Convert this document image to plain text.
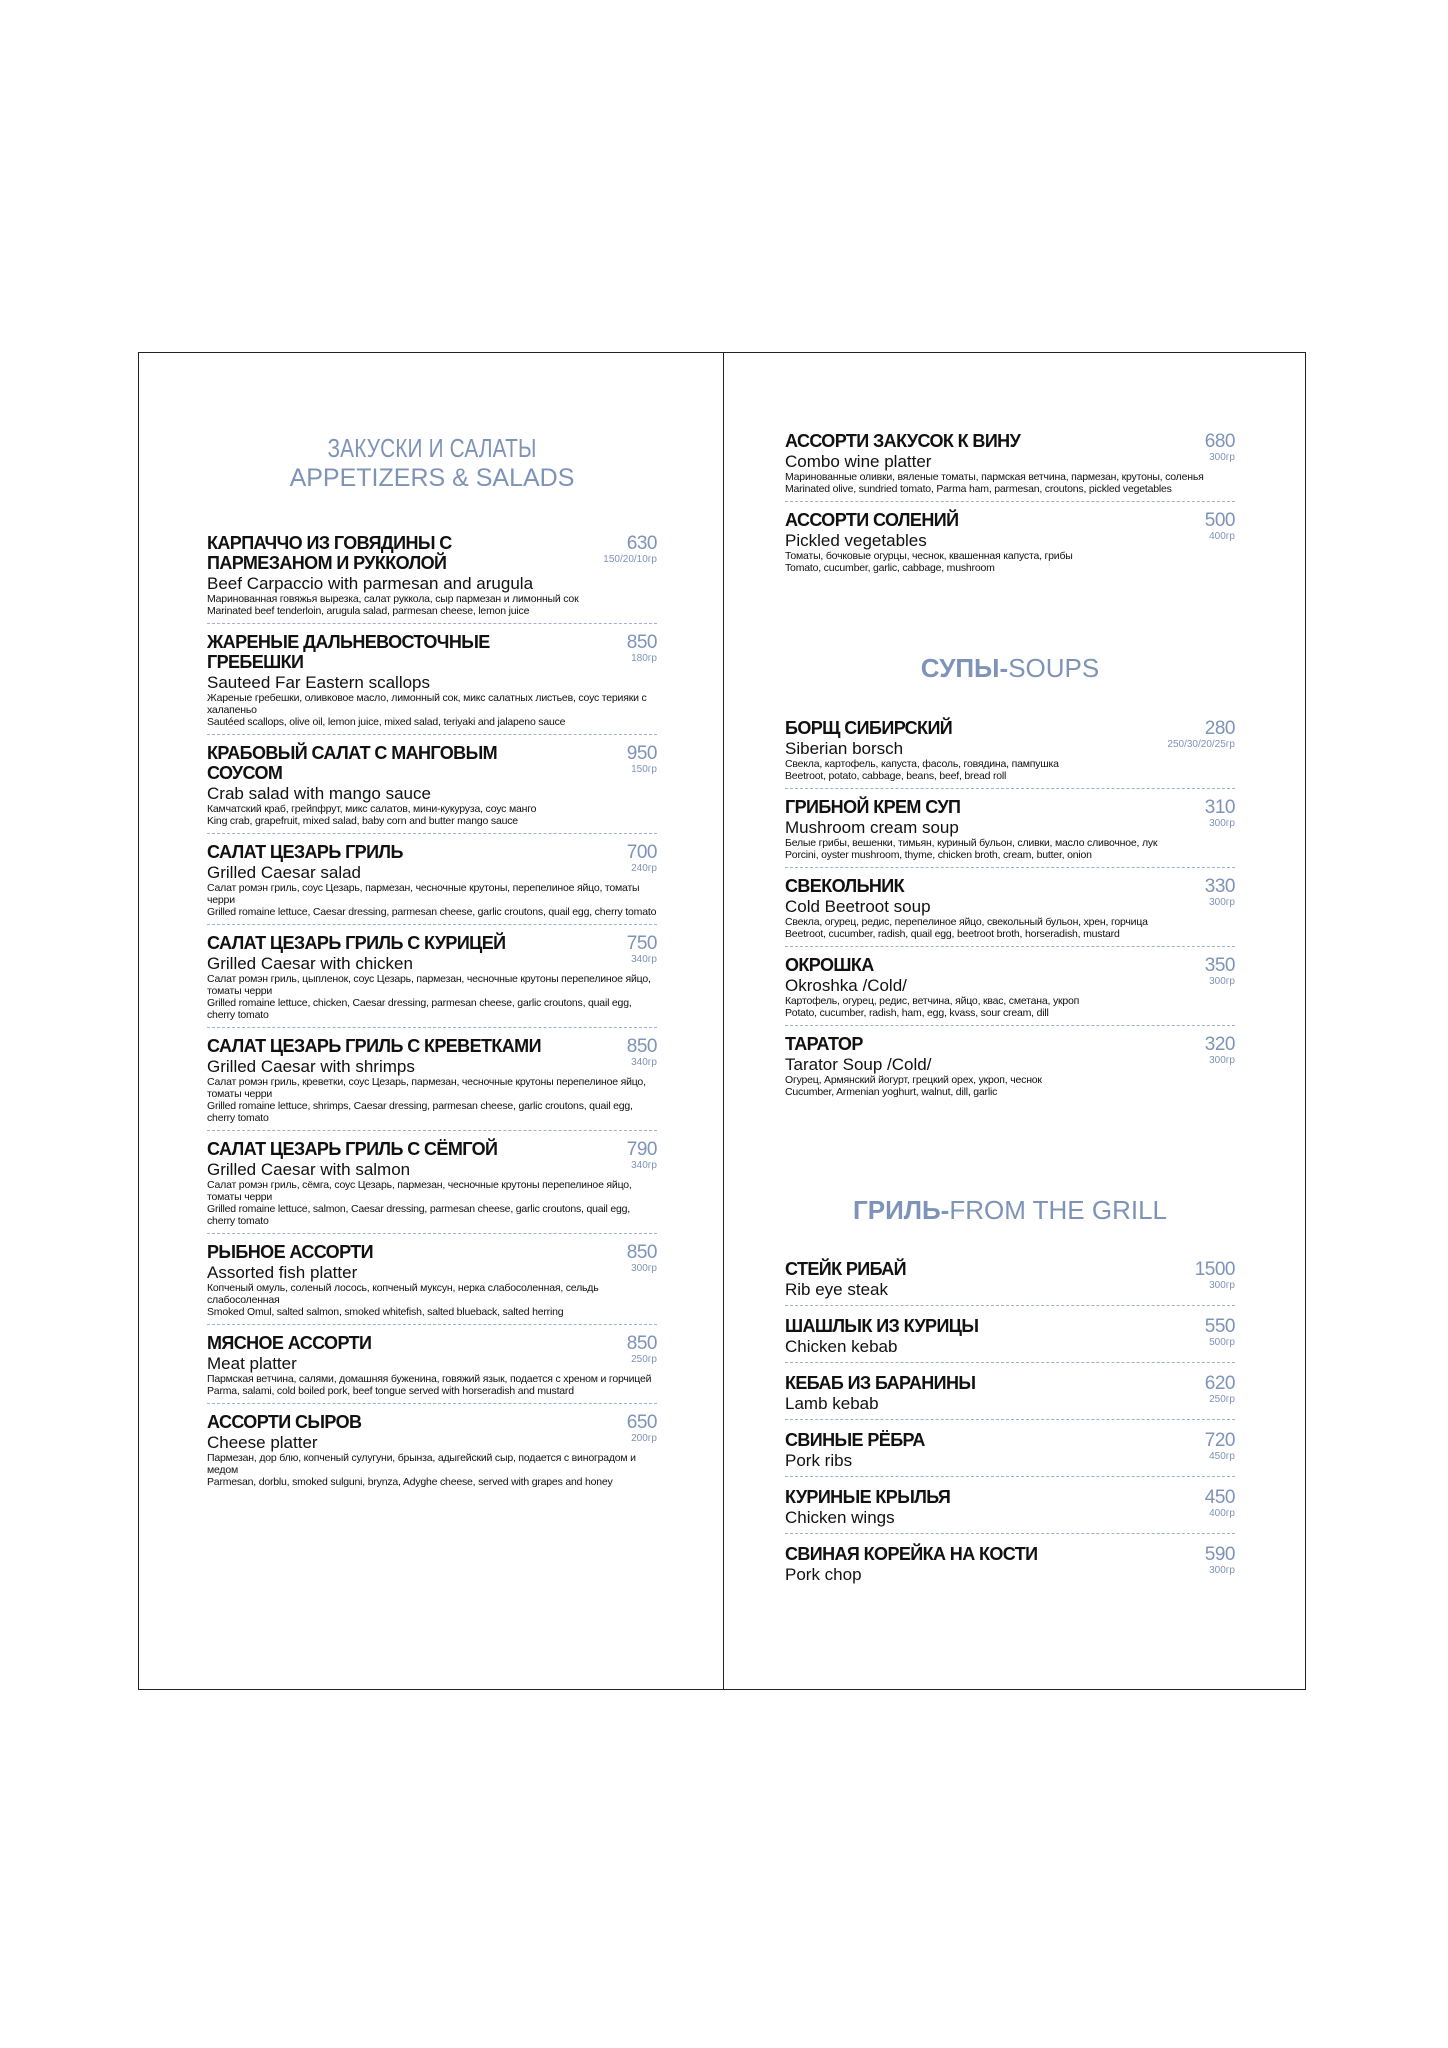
ЗАКУСКИ И САЛАТЫ
APPETIZERS & SALADS
КАРПАЧЧО ИЗ ГОВЯДИНЫ С ПАРМЕЗАНОМ И РУККОЛОЙ
Beef Carpaccio with parmesan and arugula
Маринованная говяжья вырезка, салат руккола, сыр пармезан и лимонный сок
Marinated beef tenderloin, arugula salad, parmesan cheese, lemon juice
630
150/20/10гр
ЖАРЕНЫЕ ДАЛЬНЕВОСТОЧНЫЕ ГРЕБЕШКИ
Sauteed Far Eastern scallops
Жареные гребешки, оливковое масло, лимонный сок, микс салатных листьев, соус терияки с халапеньо
Sautéed scallops, olive oil, lemon juice, mixed salad, teriyaki and jalapeno sauce
850
180гр
КРАБОВЫЙ САЛАТ С МАНГОВЫМ СОУСОМ
Crab salad with mango sauce
Камчатский краб, грейпфрут, микс салатов, мини-кукуруза, соус манго
King crab, grapefruit, mixed salad, baby corn and butter mango sauce
950
150гр
САЛАТ ЦЕЗАРЬ ГРИЛЬ
Grilled Caesar salad
Салат ромэн гриль, соус Цезарь, пармезан, чесночные крутоны, перепелиное яйцо, томаты черри
Grilled romaine lettuce, Caesar dressing, parmesan cheese, garlic croutons, quail egg, cherry tomato
700
240гр
САЛАТ ЦЕЗАРЬ ГРИЛЬ С КУРИЦЕЙ
Grilled Caesar with chicken
Салат ромэн гриль, цыпленок, соус Цезарь, пармезан, чесночные крутоны перепелиное яйцо, томаты черри
Grilled romaine lettuce, chicken, Caesar dressing, parmesan cheese, garlic croutons, quail egg, cherry tomato
750
340гр
САЛАТ ЦЕЗАРЬ ГРИЛЬ С КРЕВЕТКАМИ
Grilled Caesar with shrimps
Салат ромэн гриль, креветки, соус Цезарь, пармезан, чесночные крутоны перепелиное яйцо, томаты черри
Grilled romaine lettuce, shrimps, Caesar dressing, parmesan cheese, garlic croutons, quail egg, cherry tomato
850
340гр
САЛАТ ЦЕЗАРЬ ГРИЛЬ С СЁМГОЙ
Grilled Caesar with salmon
Салат ромэн гриль, сёмга, соус Цезарь, пармезан, чесночные крутоны перепелиное яйцо, томаты черри
Grilled romaine lettuce, salmon, Caesar dressing, parmesan cheese, garlic croutons, quail egg, cherry tomato
790
340гр
РЫБНОЕ АССОРТИ
Assorted fish platter
Копченый омуль, соленый лосось, копченый муксун, нерка слабосоленная, сельдь слабосоленная
Smoked Omul, salted salmon, smoked whitefish, salted blueback, salted herring
850
300гр
МЯСНОЕ АССОРТИ
Meat platter
Пармская ветчина, салями, домашняя буженина, говяжий язык, подается с хреном и горчицей
Parma, salami, cold boiled pork, beef tongue served with horseradish and mustard
850
250гр
АССОРТИ СЫРОВ
Cheese platter
Пармезан, дор блю, копченый сулугуни, брынза, адыгейский сыр, подается с виноградом и медом
Parmesan, dorblu, smoked sulguni, brynza, Adyghe cheese, served with grapes and honey
650
200гр
АССОРТИ ЗАКУСОК К ВИНУ
Combo wine platter
Маринованные оливки, вяленые томаты, пармская ветчина, пармезан, крутоны, соленья
Marinated olive, sundried tomato, Parma ham, parmesan, croutons, pickled vegetables
680
300гр
АССОРТИ СОЛЕНИЙ
Pickled vegetables
Томаты, бочковые огурцы, чеснок, квашенная капуста, грибы
Tomato, cucumber, garlic, cabbage, mushroom
500
400гр
СУПЫ-SOUPS
БОРЩ СИБИРСКИЙ
Siberian borsch
Свекла, картофель, капуста, фасоль, говядина, пампушка
Beetroot, potato, cabbage, beans, beef, bread roll
280
250/30/20/25гр
ГРИБНОЙ КРЕМ СУП
Mushroom cream soup
Белые грибы, вешенки, тимьян, куриный бульон, сливки, масло сливочное, лук
Porcini, oyster mushroom, thyme, chicken broth, cream, butter, onion
310
300гр
СВЕКОЛЬНИК
Cold Beetroot soup
Свекла, огурец, редис, перепелиное яйцо, свекольный бульон, хрен, горчица
Beetroot, cucumber, radish, quail egg, beetroot broth, horseradish, mustard
330
300гр
ОКРОШКА
Okroshka /Cold/
Картофель, огурец, редис, ветчина, яйцо, квас, сметана, укроп
Potato, cucumber, radish, ham, egg, kvass, sour cream, dill
350
300гр
ТАРАТОР
Tarator Soup /Cold/
Огурец, Армянский йогурт, грецкий орех, укроп, чеснок
Cucumber, Armenian yoghurt, walnut, dill, garlic
320
300гр
ГРИЛЬ-FROM THE GRILL
СТЕЙК РИБАЙ
Rib eye steak
1500
300гр
ШАШЛЫК ИЗ КУРИЦЫ
Chicken kebab
550
500гр
КЕБАБ ИЗ БАРАНИНЫ
Lamb kebab
620
250гр
СВИНЫЕ РЁБРА
Pork ribs
720
450гр
КУРИНЫЕ КРЫЛЬЯ
Chicken wings
450
400гр
СВИНАЯ КОРЕЙКА НА КОСТИ
Pork chop
590
300гр
